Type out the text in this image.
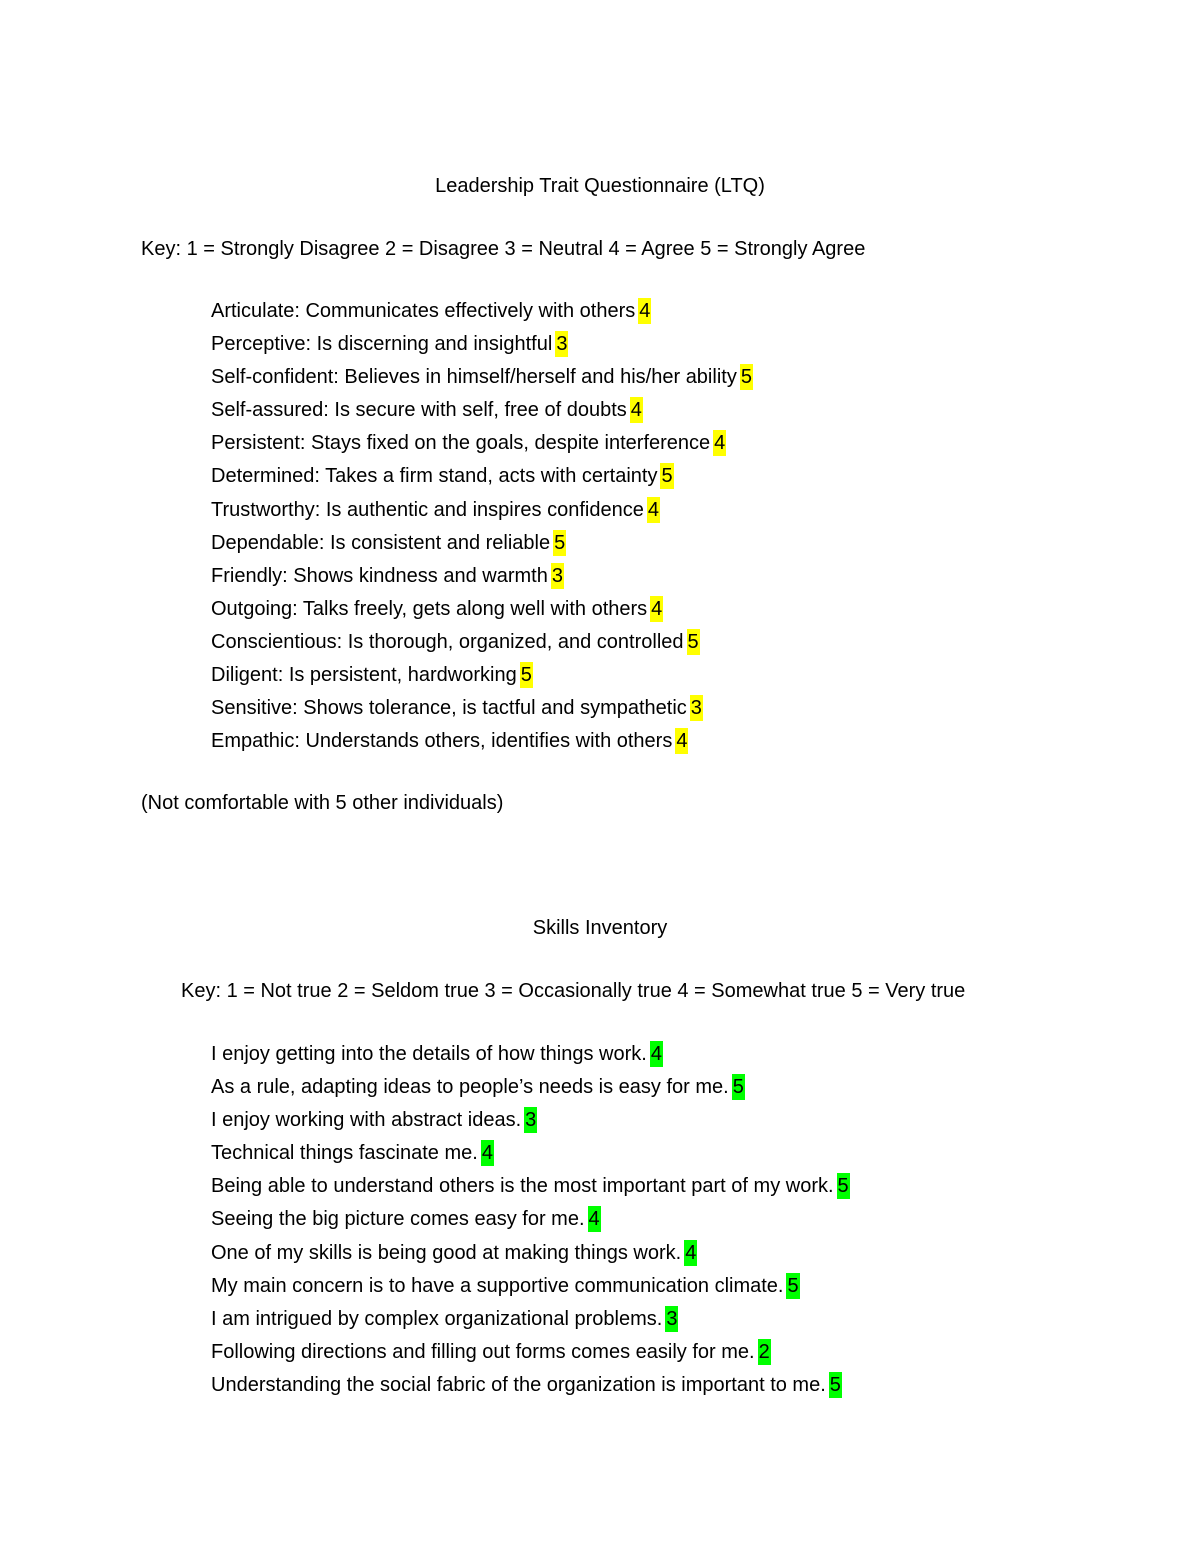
Leadership Trait Questionnaire (LTQ)
Key: 1 = Strongly Disagree 2 = Disagree 3 = Neutral 4 = Agree 5 = Strongly Agree
Articulate: Communicates effectively with others 4
Perceptive: Is discerning and insightful 3
Self-confident: Believes in himself/herself and his/her ability 5
Self-assured: Is secure with self, free of doubts 4
Persistent: Stays fixed on the goals, despite interference 4
Determined: Takes a firm stand, acts with certainty 5
Trustworthy: Is authentic and inspires confidence 4
Dependable: Is consistent and reliable 5
Friendly: Shows kindness and warmth 3
Outgoing: Talks freely, gets along well with others 4
Conscientious: Is thorough, organized, and controlled 5
Diligent: Is persistent, hardworking 5
Sensitive: Shows tolerance, is tactful and sympathetic 3
Empathic: Understands others, identifies with others 4
(Not comfortable with 5 other individuals)
Skills Inventory
Key: 1 = Not true 2 = Seldom true 3 = Occasionally true 4 = Somewhat true 5 = Very true
I enjoy getting into the details of how things work. 4
As a rule, adapting ideas to people’s needs is easy for me. 5
I enjoy working with abstract ideas. 3
Technical things fascinate me. 4
Being able to understand others is the most important part of my work. 5
Seeing the big picture comes easy for me. 4
One of my skills is being good at making things work. 4
My main concern is to have a supportive communication climate. 5
I am intrigued by complex organizational problems. 3
Following directions and filling out forms comes easily for me. 2
Understanding the social fabric of the organization is important to me. 5
